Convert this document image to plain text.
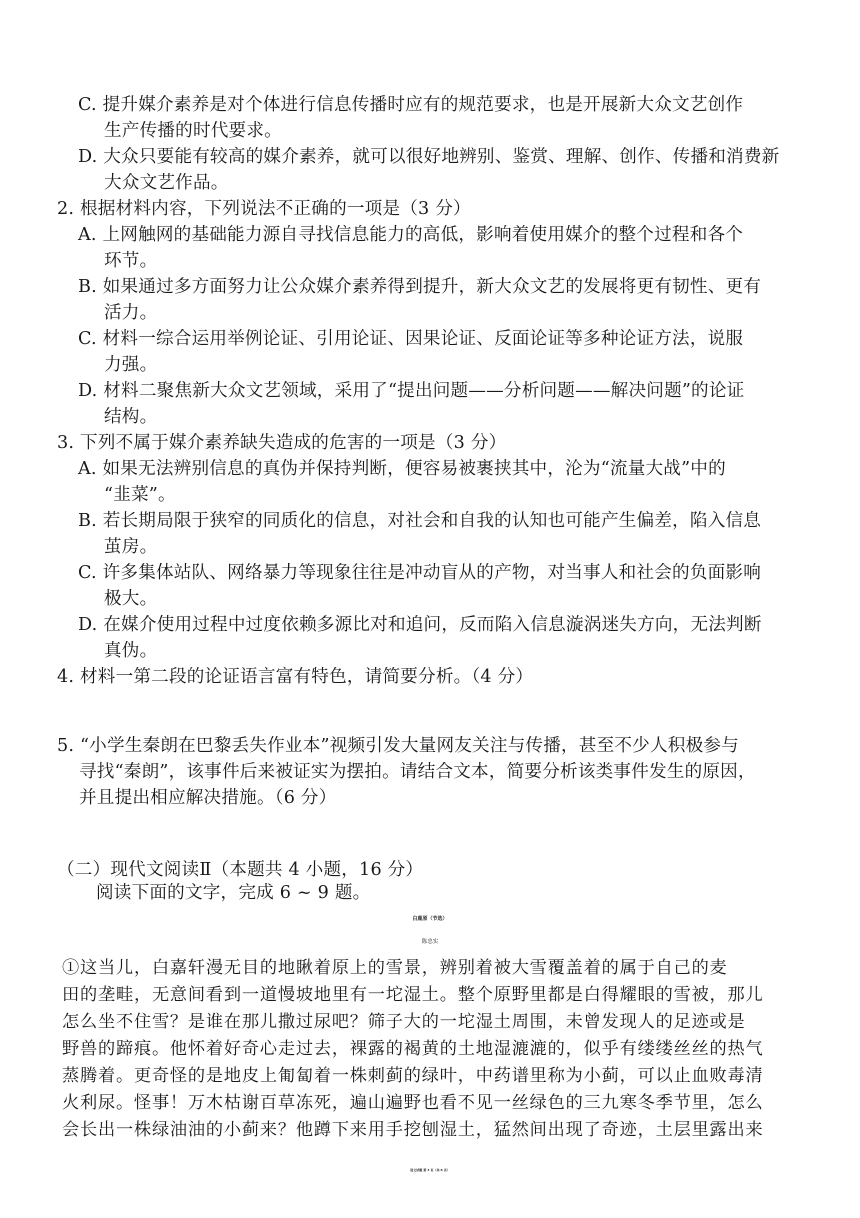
C. 提升媒介素养是对个体进行信息传播时应有的规范要求，也是开展新大众文艺创作

生产传播的时代要求。

D. 大众只要能有较高的媒介素养，就可以很好地辨别、鉴赏、理解、创作、传播和消费新

大众文艺作品。

2. 根据材料内容，下列说法不正确的一项是（3 分）

A. 上网触网的基础能力源自寻找信息能力的高低，影响着使用媒介的整个过程和各个

环节。

B. 如果通过多方面努力让公众媒介素养得到提升，新大众文艺的发展将更有韧性、更有

活力。

C. 材料一综合运用举例论证、引用论证、因果论证、反面论证等多种论证方法，说服

力强。

D. 材料二聚焦新大众文艺领域，采用了“提出问题——分析问题——解决问题”的论证

结构。

3. 下列不属于媒介素养缺失造成的危害的一项是（3 分）

A. 如果无法辨别信息的真伪并保持判断，便容易被裹挟其中，沦为“流量大战”中的

“韭菜”。

B. 若长期局限于狭窄的同质化的信息，对社会和自我的认知也可能产生偏差，陷入信息

茧房。

C. 许多集体站队、网络暴力等现象往往是冲动盲从的产物，对当事人和社会的负面影响

极大。

D. 在媒介使用过程中过度依赖多源比对和追问，反而陷入信息漩涡迷失方向，无法判断

真伪。

4. 材料一第二段的论证语言富有特色，请简要分析。（4 分）

5. “小学生秦朗在巴黎丢失作业本”视频引发大量网友关注与传播，甚至不少人积极参与

寻找“秦朗”，该事件后来被证实为摆拍。请结合文本，简要分析该类事件发生的原因，

并且提出相应解决措施。（6 分）

（二）现代文阅读Ⅱ（本题共 4 小题，16 分）

阅读下面的文字，完成 6 ~ 9 题。

白鹿原（节选）

陈忠实

①这当儿，白嘉轩漫无目的地瞅着原上的雪景，辨别着被大雪覆盖着的属于自己的麦

田的垄畦，无意间看到一道慢坡地里有一坨湿土。整个原野里都是白得耀眼的雪被，那儿

怎么坐不住雪？是谁在那儿撒过尿吧？筛子大的一坨湿土周围，未曾发现人的足迹或是

野兽的蹄痕。他怀着好奇心走过去，裸露的褐黄的土地湿漉漉的，似乎有缕缕丝丝的热气

蒸腾着。更奇怪的是地皮上匍匐着一株刺蓟的绿叶，中药谱里称为小蓟，可以止血败毒清

火利尿。怪事！万木枯谢百草冻死，遍山遍野也看不见一丝绿色的三九寒冬季节里，怎么

会长出一株绿油油的小蓟来？他蹲下来用手挖刨湿土，猛然间出现了奇迹，土层里露出来

语文试题 第 3 页（共 8 页）
